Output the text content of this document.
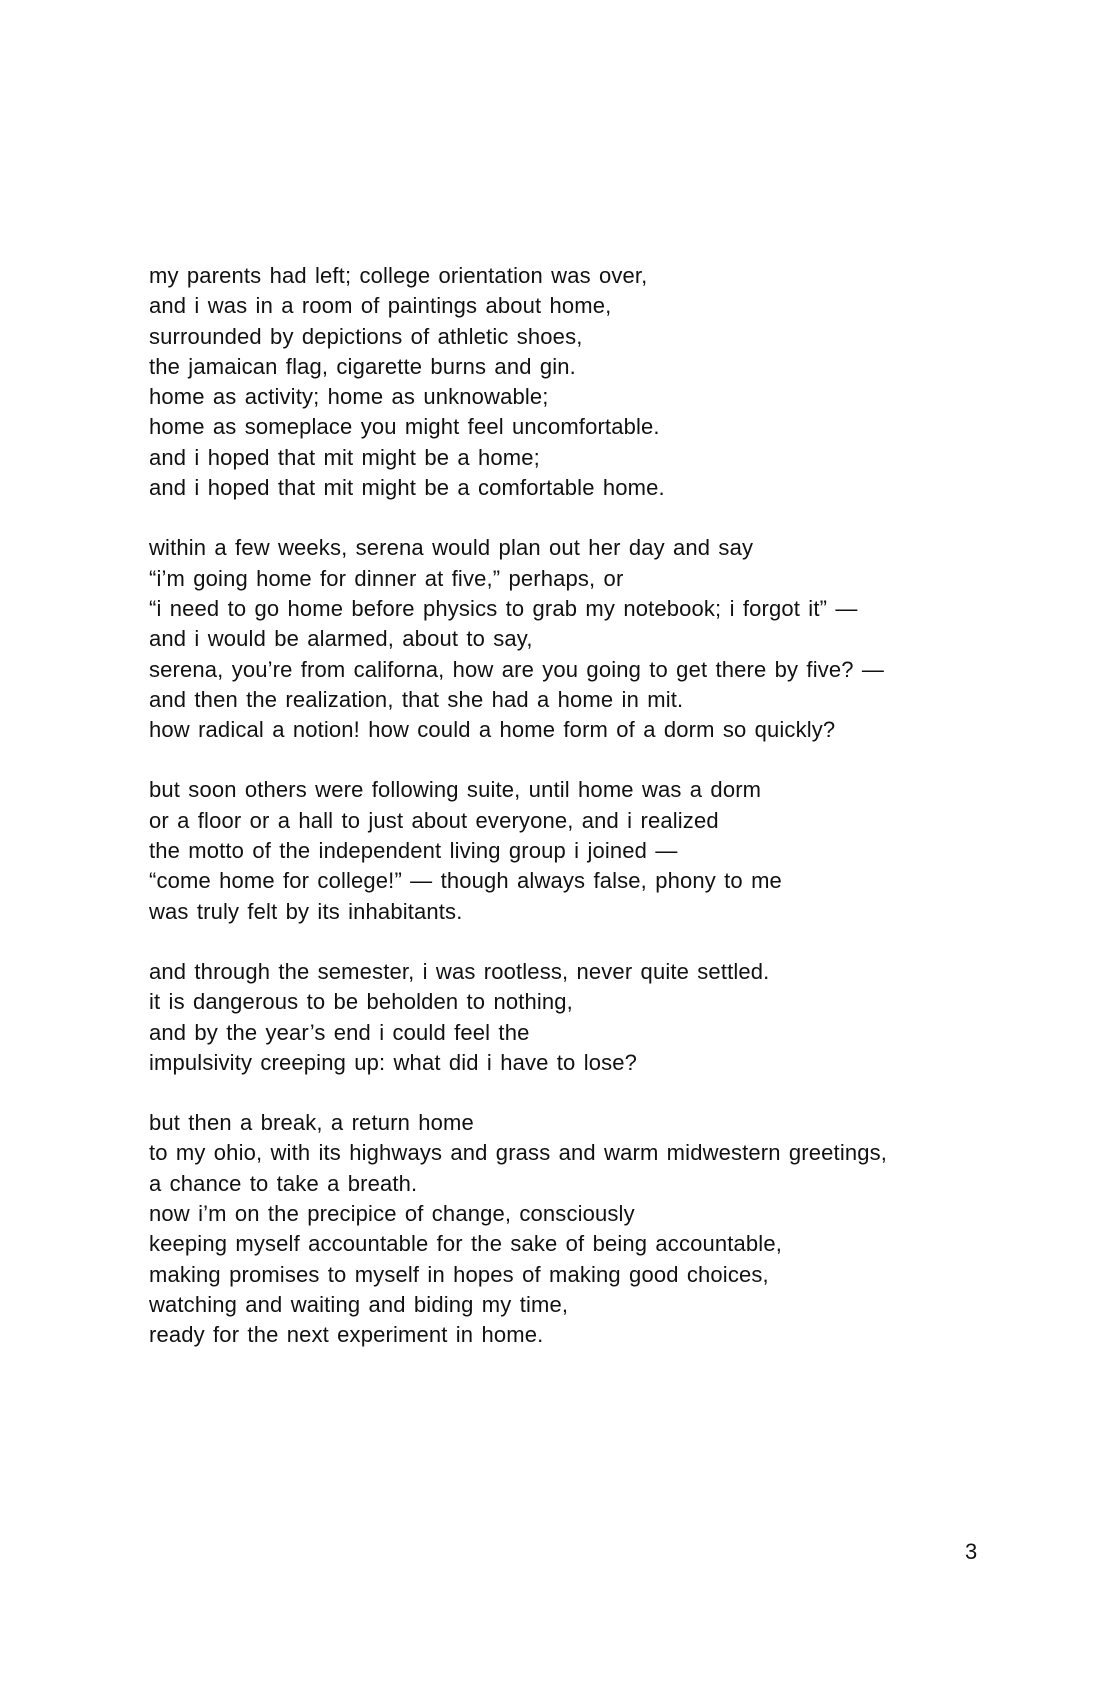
my parents had left; college orientation was over,
and i was in a room of paintings about home,
surrounded by depictions of athletic shoes,
the jamaican flag, cigarette burns and gin.
home as activity; home as unknowable;
home as someplace you might feel uncomfortable.
and i hoped that mit might be a home;
and i hoped that mit might be a comfortable home.
within a few weeks, serena would plan out her day and say
“i’m going home for dinner at five,” perhaps, or
“i need to go home before physics to grab my notebook; i forgot it” —
and i would be alarmed, about to say,
serena, you’re from californa, how are you going to get there by five? —
and then the realization, that she had a home in mit.
how radical a notion! how could a home form of a dorm so quickly?
but soon others were following suite, until home was a dorm
or a floor or a hall to just about everyone, and i realized
the motto of the independent living group i joined —
“come home for college!” — though always false, phony to me
was truly felt by its inhabitants.
and through the semester, i was rootless, never quite settled.
it is dangerous to be beholden to nothing,
and by the year’s end i could feel the
impulsivity creeping up: what did i have to lose?
but then a break, a return home
to my ohio, with its highways and grass and warm midwestern greetings,
a chance to take a breath.
now i’m on the precipice of change, consciously
keeping myself accountable for the sake of being accountable,
making promises to myself in hopes of making good choices,
watching and waiting and biding my time,
ready for the next experiment in home.
3
